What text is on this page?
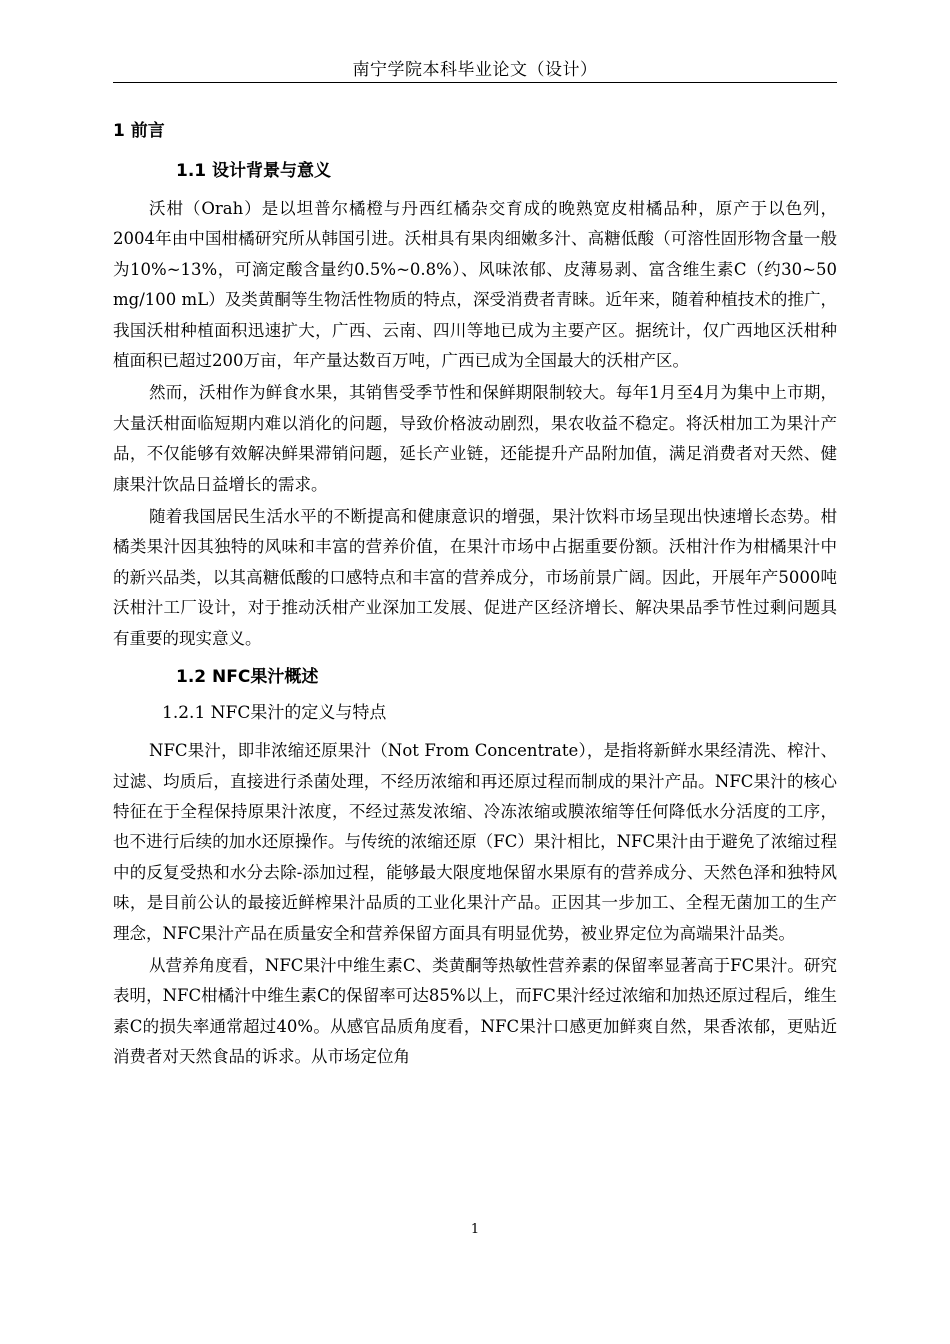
南宁学院本科毕业论文（设计）
1 前言
1.1 设计背景与意义

沃柑（Orah）是以坦普尔橘橙与丹西红橘杂交育成的晚熟宽皮柑橘品种，原产于以色列，2004年由中国柑橘研究所从韩国引进。沃柑具有果肉细嫩多汁、高糖低酸（可溶性固形物含量一般为10%~13%，可滴定酸含量约0.5%~0.8%）、风味浓郁、皮薄易剥、富含维生素C（约30~50 mg/100 mL）及类黄酮等生物活性物质的特点，深受消费者青睐。近年来，随着种植技术的推广，我国沃柑种植面积迅速扩大，广西、云南、四川等地已成为主要产区。据统计，仅广西地区沃柑种植面积已超过200万亩，年产量达数百万吨，广西已成为全国最大的沃柑产区。

然而，沃柑作为鲜食水果，其销售受季节性和保鲜期限制较大。每年1月至4月为集中上市期，大量沃柑面临短期内难以消化的问题，导致价格波动剧烈，果农收益不稳定。将沃柑加工为果汁产品，不仅能够有效解决鲜果滞销问题，延长产业链，还能提升产品附加值，满足消费者对天然、健康果汁饮品日益增长的需求。

随着我国居民生活水平的不断提高和健康意识的增强，果汁饮料市场呈现出快速增长态势。柑橘类果汁因其独特的风味和丰富的营养价值，在果汁市场中占据重要份额。沃柑汁作为柑橘果汁中的新兴品类，以其高糖低酸的口感特点和丰富的营养成分，市场前景广阔。因此，开展年产5000吨沃柑汁工厂设计，对于推动沃柑产业深加工发展、促进产区经济增长、解决果品季节性过剩问题具有重要的现实意义。

1.2 NFC果汁概述
1.2.1 NFC果汁的定义与特点

NFC果汁，即非浓缩还原果汁（Not From Concentrate），是指将新鲜水果经清洗、榨汁、过滤、均质后，直接进行杀菌处理，不经历浓缩和再还原过程而制成的果汁产品。NFC果汁的核心特征在于全程保持原果汁浓度，不经过蒸发浓缩、冷冻浓缩或膜浓缩等任何降低水分活度的工序，也不进行后续的加水还原操作。与传统的浓缩还原（FC）果汁相比，NFC果汁由于避免了浓缩过程中的反复受热和水分去除-添加过程，能够最大限度地保留水果原有的营养成分、天然色泽和独特风味，是目前公认的最接近鲜榨果汁品质的工业化果汁产品。正因其一步加工、全程无菌加工的生产理念，NFC果汁产品在质量安全和营养保留方面具有明显优势，被业界定位为高端果汁品类。

从营养角度看，NFC果汁中维生素C、类黄酮等热敏性营养素的保留率显著高于FC果汁。研究表明，NFC柑橘汁中维生素C的保留率可达85%以上，而FC果汁经过浓缩和加热还原过程后，维生素C的损失率通常超过40%。从感官品质角度看，NFC果汁口感更加鲜爽自然，果香浓郁，更贴近消费者对天然食品的诉求。从市场定位角

1
